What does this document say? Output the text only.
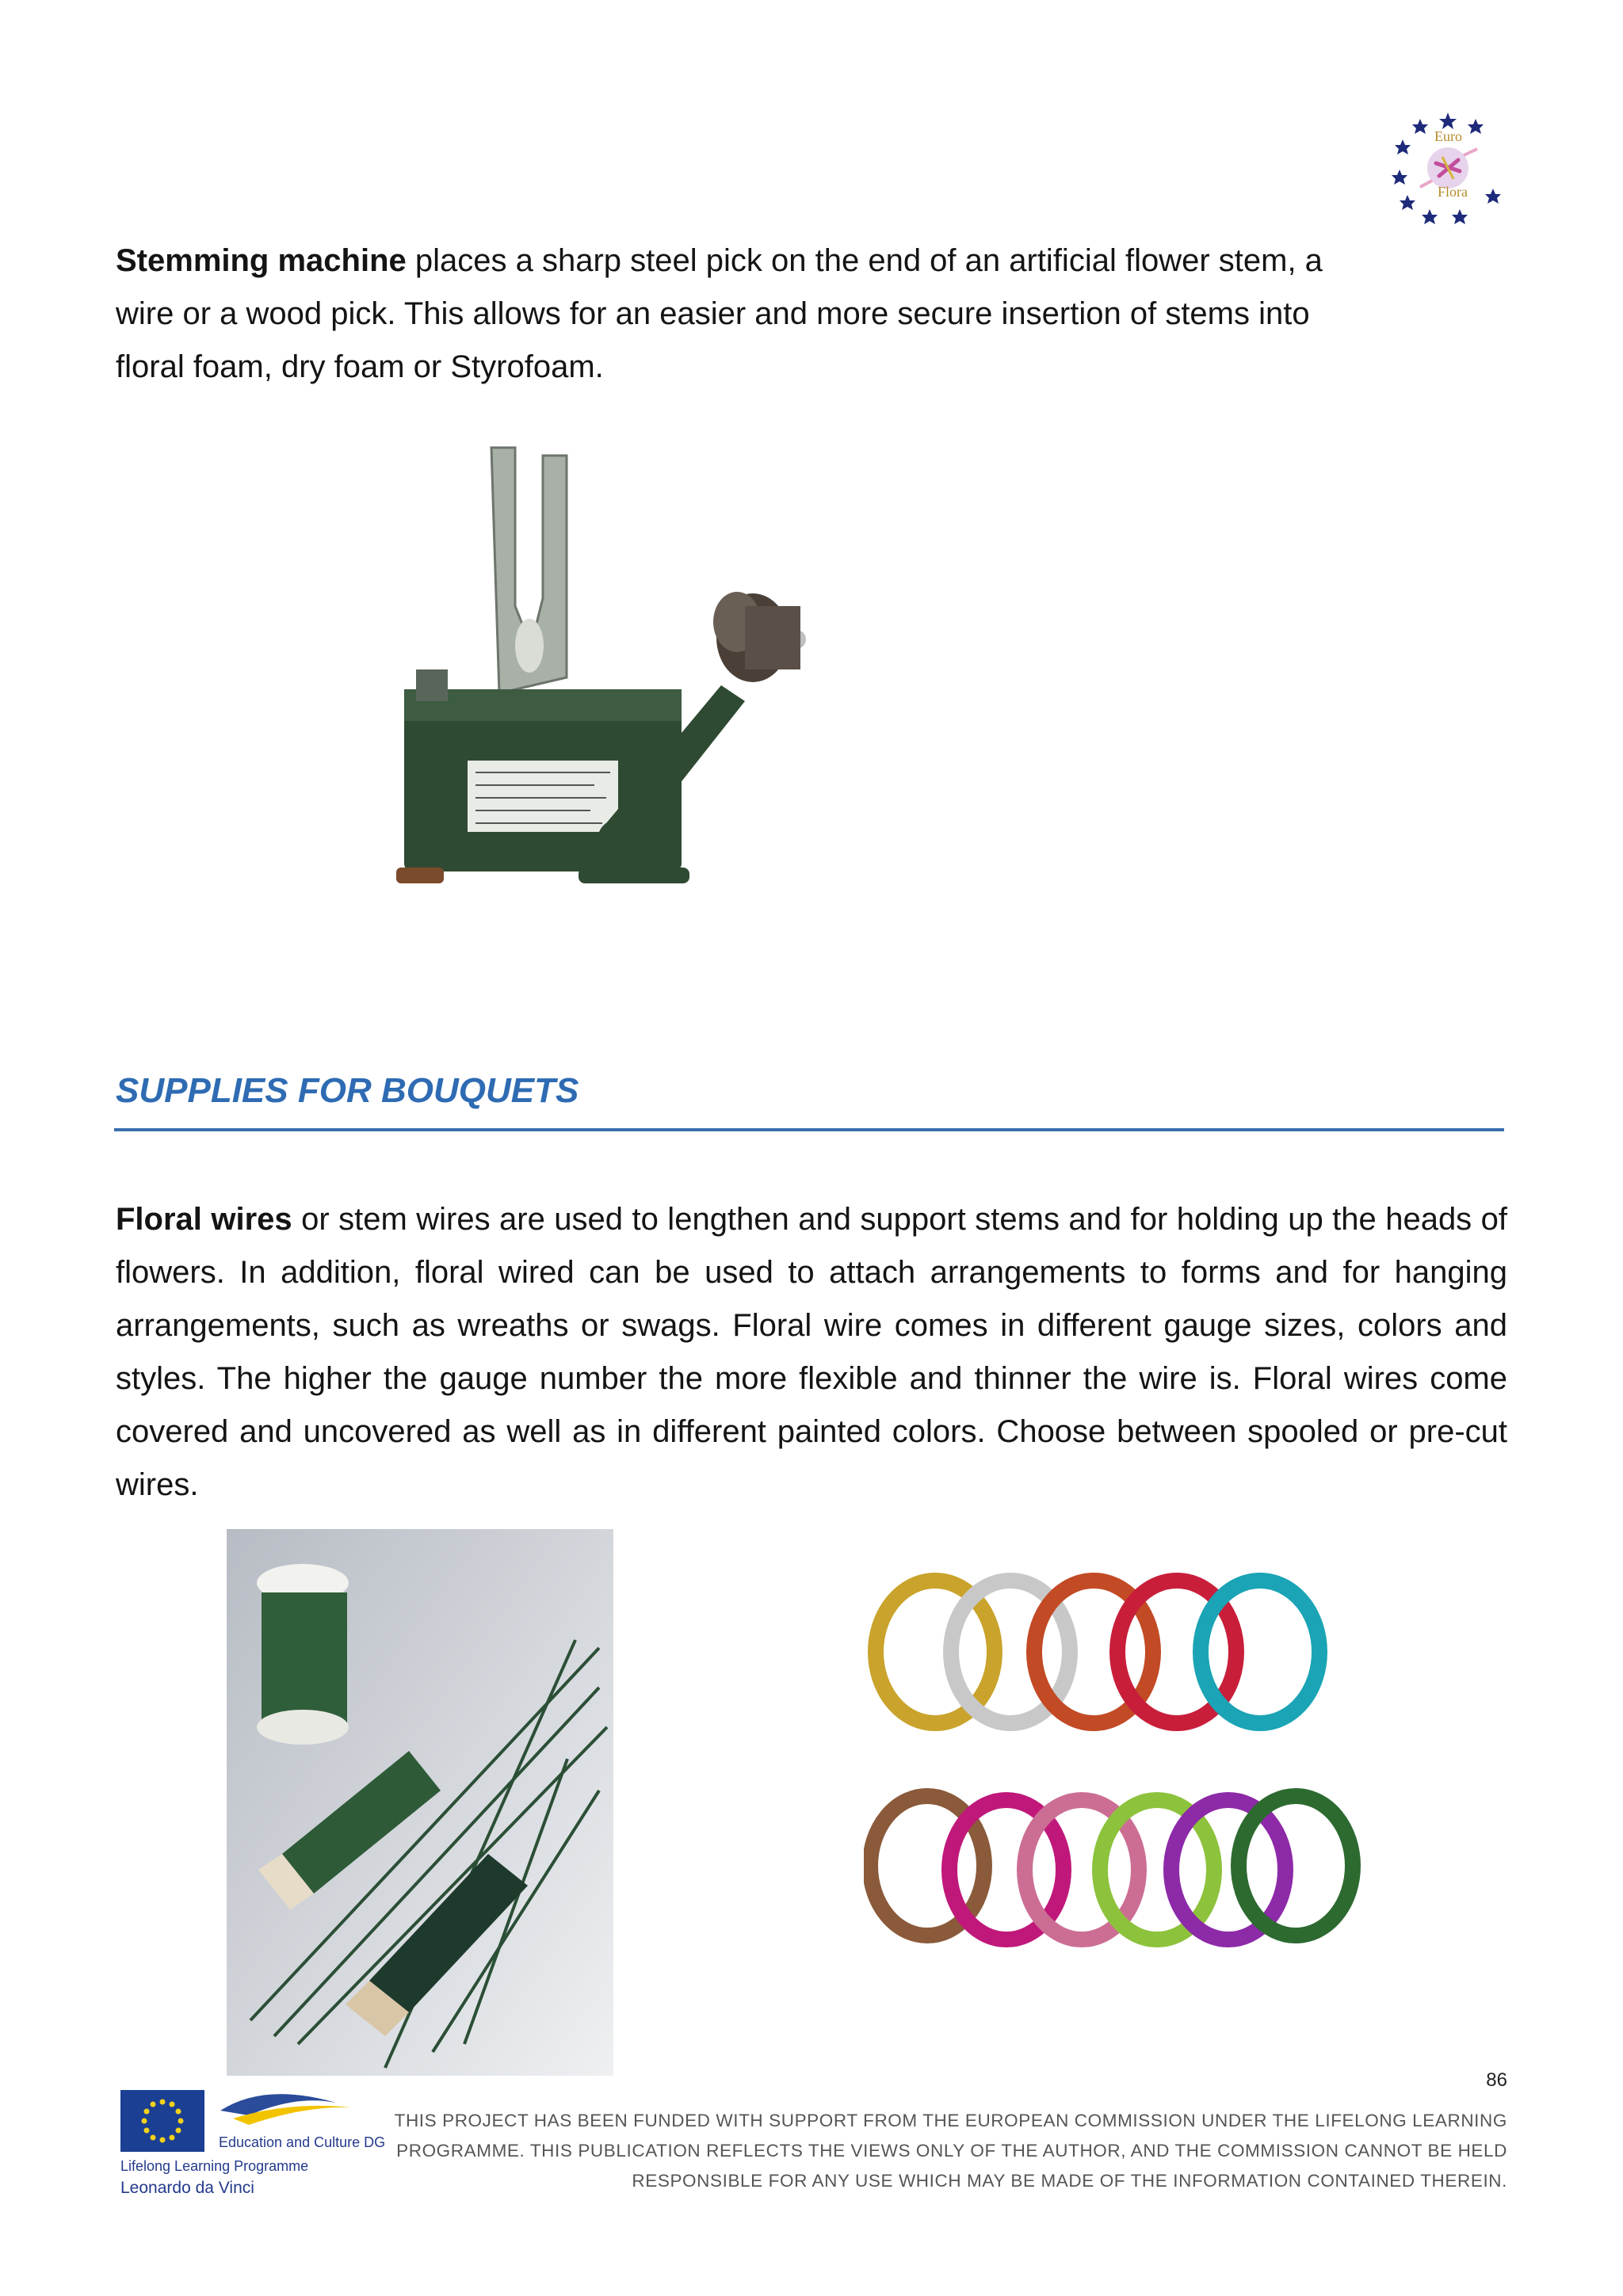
Euro
Flora
Stemming machine places a sharp steel pick on the end of an artificial flower stem, a
wire or a wood pick. This allows for an easier and more secure insertion of stems into
floral foam, dry foam or Styrofoam.
SUPPLIES FOR BOUQUETS
Floral wires or stem wires are used to lengthen and support stems and for holding up the heads of flowers. In addition, floral wired can be used to attach arrangements to forms and for hanging arrangements, such as wreaths or swags. Floral wire comes in different gauge sizes, colors and styles. The higher the gauge number the more flexible and thinner the wire is. Floral wires come covered and uncovered as well as in different painted colors. Choose between spooled or pre-cut wires.
86
Education and Culture DG
Lifelong Learning Programme
Leonardo da Vinci
THIS PROJECT HAS BEEN FUNDED WITH SUPPORT FROM THE EUROPEAN COMMISSION UNDER THE LIFELONG LEARNING
PROGRAMME. THIS PUBLICATION REFLECTS THE VIEWS ONLY OF THE AUTHOR, AND THE COMMISSION CANNOT BE HELD
RESPONSIBLE FOR ANY USE WHICH MAY BE MADE OF THE INFORMATION CONTAINED THEREIN.
